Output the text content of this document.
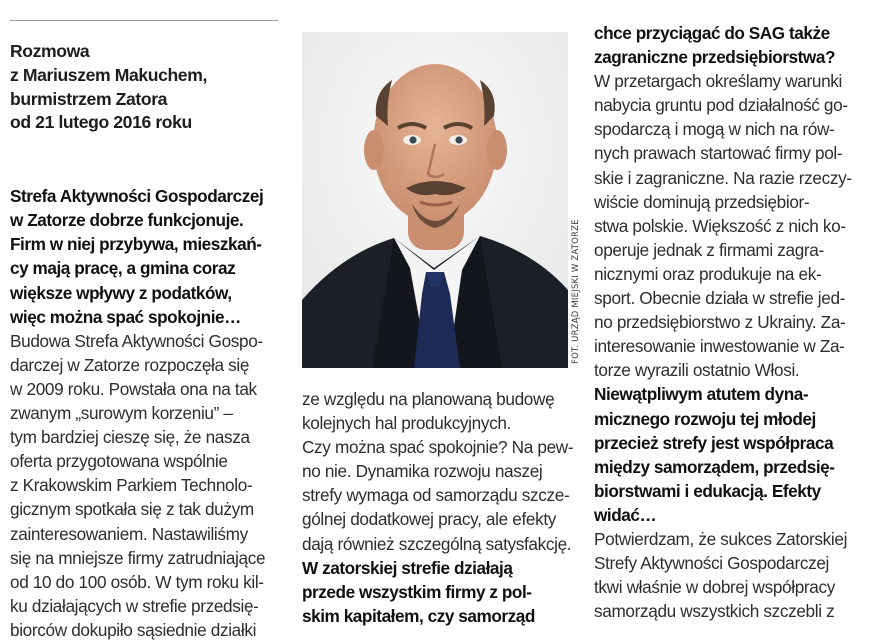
Rozmowa
z Mariuszem Makuchem,
burmistrzem Zatora
od 21 lutego 2016 roku
Strefa Aktywności Gospodarczej
w Zatorze dobrze funkcjonuje.
Firm w niej przybywa, mieszkań-
cy mają pracę, a gmina coraz
większe wpływy z podatków,
więc można spać spokojnie…
Budowa Strefa Aktywności Gospo-
darczej w Zatorze rozpoczęła się
w 2009 roku. Powstała ona na tak
zwanym „surowym korzeniu” –
tym bardziej cieszę się, że nasza
oferta przygotowana wspólnie
z Krakowskim Parkiem Technolo-
gicznym spotkała się z tak dużym
zainteresowaniem. Nastawiliśmy
się na mniejsze firmy zatrudniające
od 10 do 100 osób. W tym roku kil-
ku działających w strefie przedsię-
biorców dokupiło sąsiednie działki
FOT. URZĄD MIEJSKI W ZATORZE
ze względu na planowaną budowę
kolejnych hal produkcyjnych.
Czy można spać spokojnie? Na pew-
no nie. Dynamika rozwoju naszej
strefy wymaga od samorządu szcze-
gólnej dodatkowej pracy, ale efekty
dają również szczególną satysfakcję.
W zatorskiej strefie działają
przede wszystkim firmy z pol-
skim kapitałem, czy samorząd
chce przyciągać do SAG także
zagraniczne przedsiębiorstwa?
W przetargach określamy warunki
nabycia gruntu pod działalność go-
spodarczą i mogą w nich na rów-
nych prawach startować firmy pol-
skie i zagraniczne. Na razie rzeczy-
wiście dominują przedsiębior-
stwa polskie. Większość z nich ko-
operuje jednak z firmami zagra-
nicznymi oraz produkuje na ek-
sport. Obecnie działa w strefie jed-
no przedsiębiorstwo z Ukrainy. Za-
interesowanie inwestowanie w Za-
torze wyrazili ostatnio Włosi.
Niewątpliwym atutem dyna-
micznego rozwoju tej młodej
przecież strefy jest współpraca
między samorządem, przedsię-
biorstwami i edukacją. Efekty
widać…
Potwierdzam, że sukces Zatorskiej
Strefy Aktywności Gospodarczej
tkwi właśnie w dobrej współpracy
samorządu wszystkich szczebli z
